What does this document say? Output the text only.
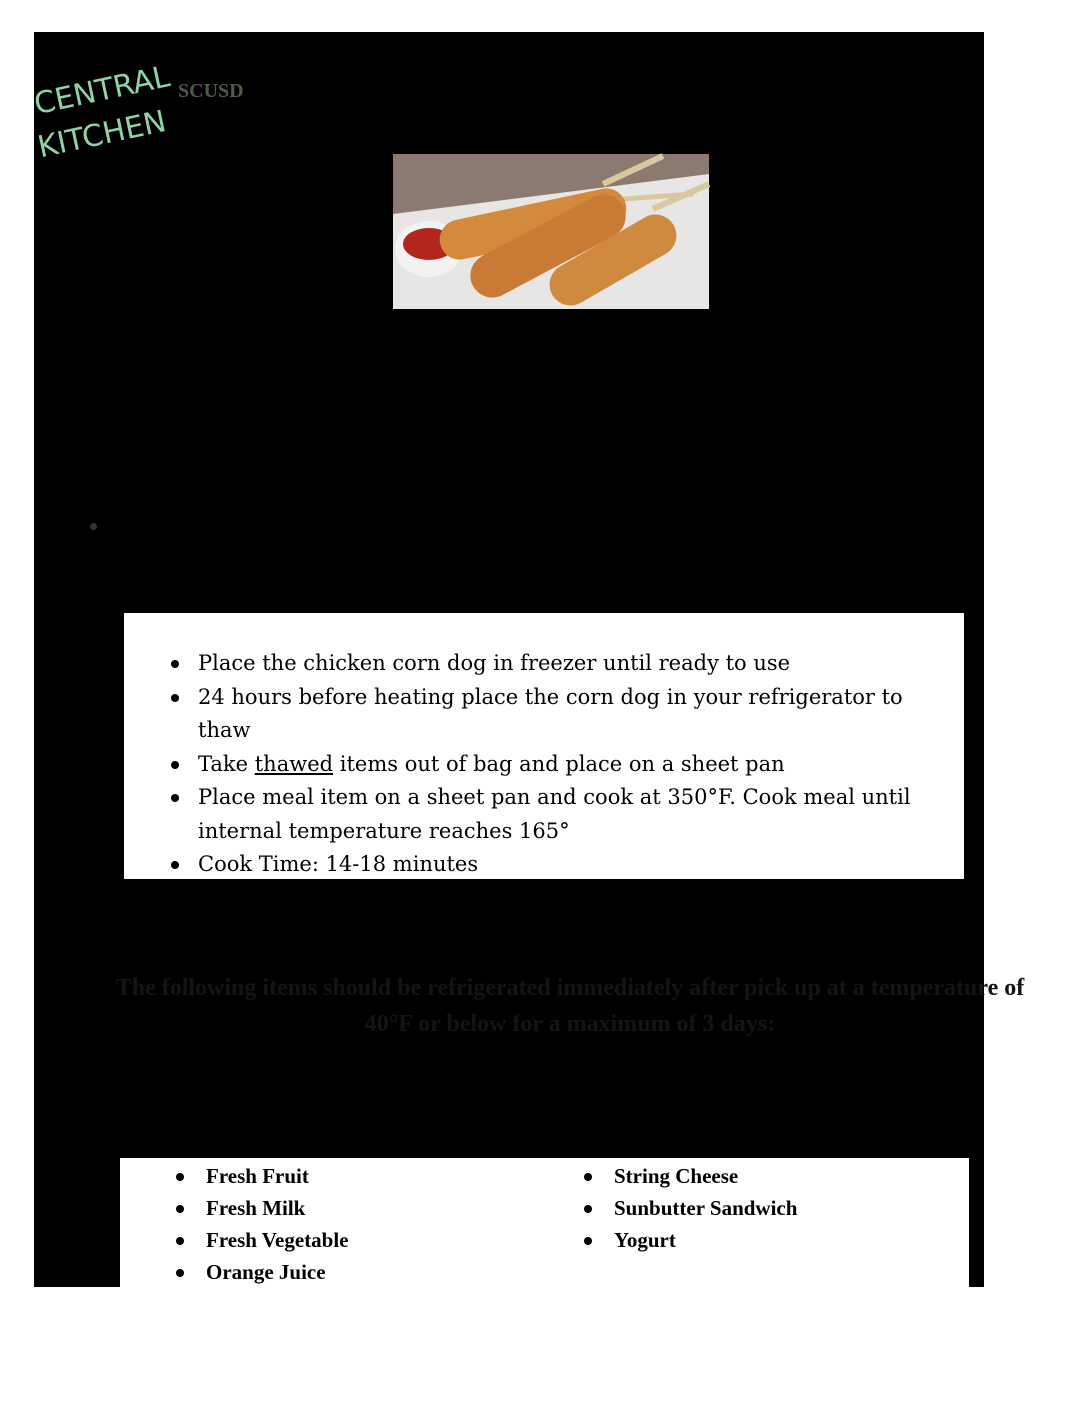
CENTRAL
KITCHEN
SCUSD
Place the chicken corn dog in freezer until ready to use
24 hours before heating place the corn dog in your refrigerator to thaw
Take thawed items out of bag and place on a sheet pan
Place meal item on a sheet pan and cook at 350°F. Cook meal until internal temperature reaches 165°
Cook Time: 14-18 minutes
The following items should be refrigerated immediately after pick up at a temperature of 40°F or below for a maximum of 3 days:
Fresh Fruit
Fresh Milk
Fresh Vegetable
Orange Juice
String Cheese
Sunbutter Sandwich
Yogurt
